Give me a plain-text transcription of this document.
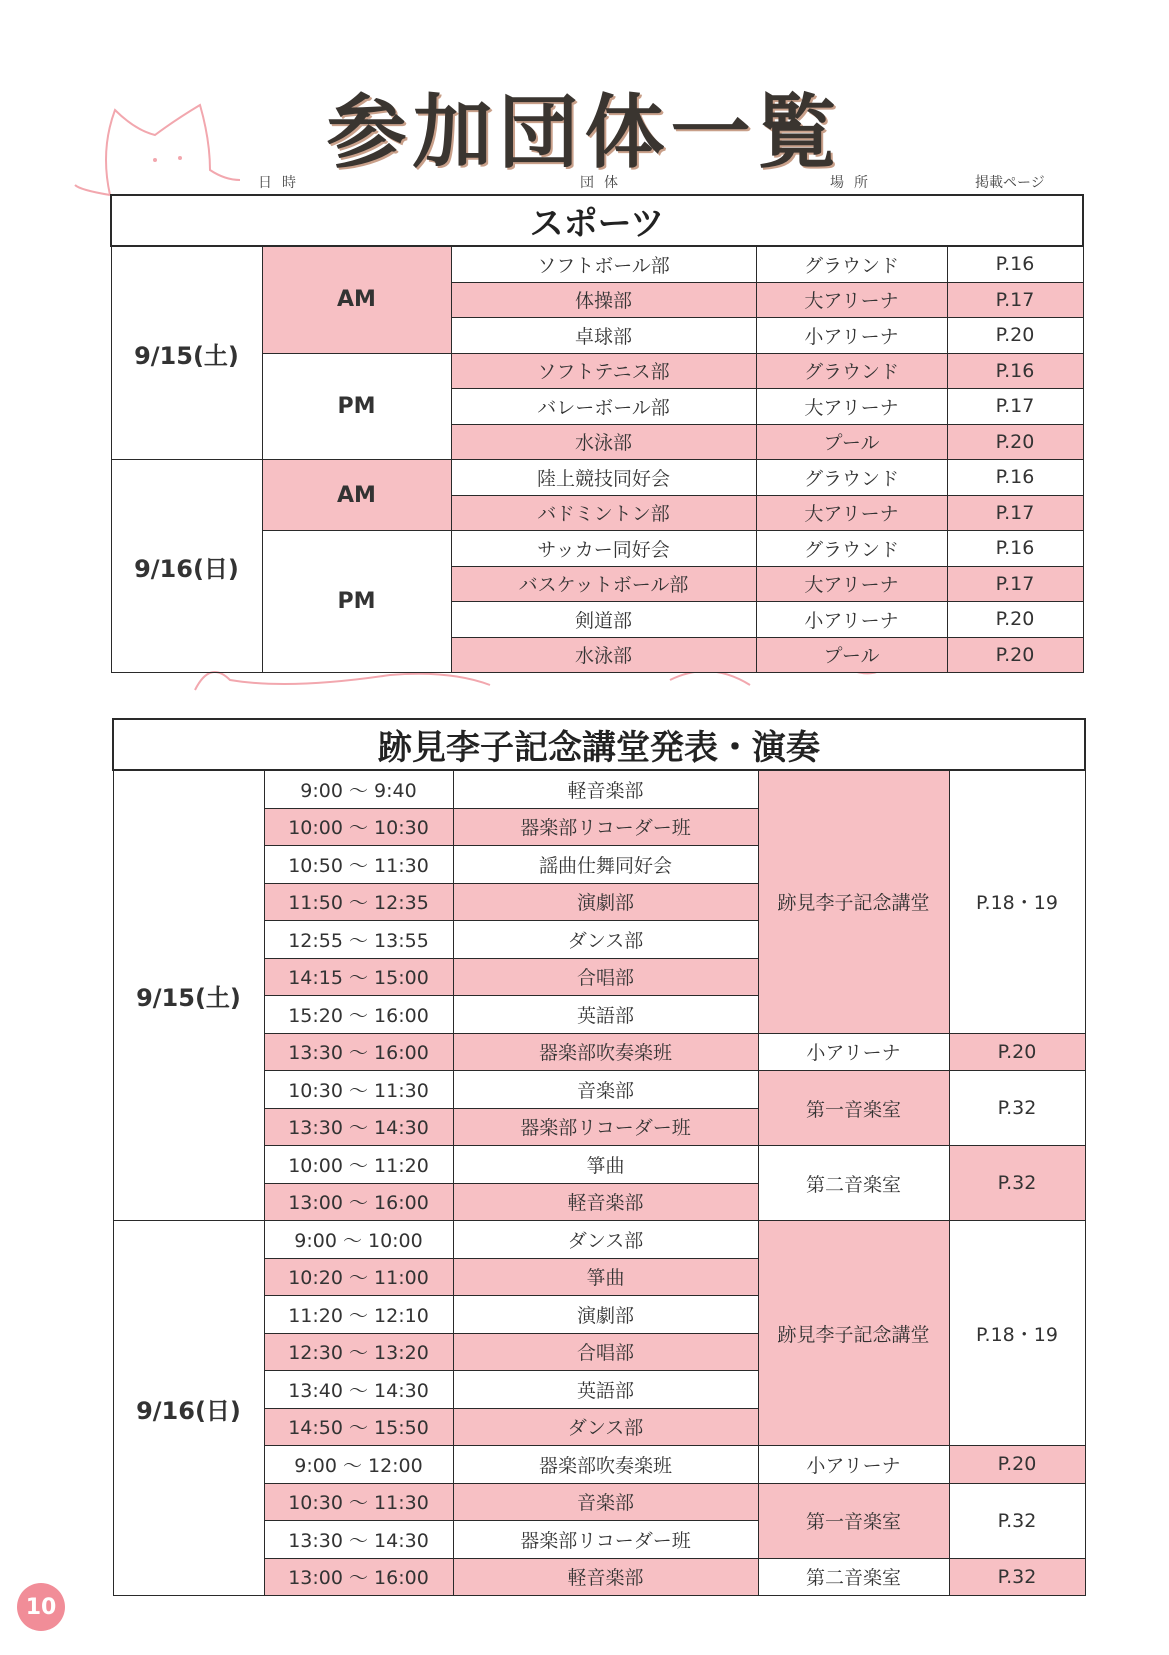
参加団体一覧
日時	団体	場所	掲載ページ
スポーツ				
9/15(土)	AM	ソフトボール部	グラウンド	P.16
		体操部	大アリーナ	P.17
		卓球部	小アリーナ	P.20
	PM	ソフトテニス部	グラウンド	P.16
		バレーボール部	大アリーナ	P.17
		水泳部	プール	P.20
9/16(日)	AM	陸上競技同好会	グラウンド	P.16
		バドミントン部	大アリーナ	P.17
	PM	サッカー同好会	グラウンド	P.16
		バスケットボール部	大アリーナ	P.17
		剣道部	小アリーナ	P.20
		水泳部	プール	P.20
跡見李子記念講堂発表・演奏				
9/15(土)	9:00 〜 9:40	軽音楽部	跡見李子記念講堂	P.18・19
	10:00 〜 10:30	器楽部リコーダー班		
	10:50 〜 11:30	謡曲仕舞同好会		
	11:50 〜 12:35	演劇部		
	12:55 〜 13:55	ダンス部		
	14:15 〜 15:00	合唱部		
	15:20 〜 16:00	英語部		
	13:30 〜 16:00	器楽部吹奏楽班	小アリーナ	P.20
	10:30 〜 11:30	音楽部	第一音楽室	P.32
	13:30 〜 14:30	器楽部リコーダー班		
	10:00 〜 11:20	箏曲	第二音楽室	P.32
	13:00 〜 16:00	軽音楽部		
9/16(日)	9:00 〜 10:00	ダンス部	跡見李子記念講堂	P.18・19
	10:20 〜 11:00	箏曲		
	11:20 〜 12:10	演劇部		
	12:30 〜 13:20	合唱部		
	13:40 〜 14:30	英語部		
	14:50 〜 15:50	ダンス部		
	9:00 〜 12:00	器楽部吹奏楽班	小アリーナ	P.20
	10:30 〜 11:30	音楽部	第一音楽室	P.32
	13:30 〜 14:30	器楽部リコーダー班		
	13:00 〜 16:00	軽音楽部	第二音楽室	P.32
10
